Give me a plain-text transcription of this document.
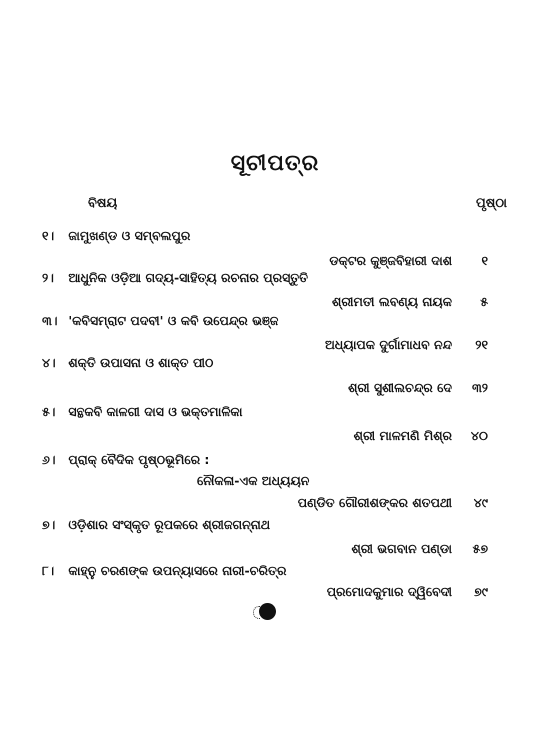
ସୂଚୀପତ୍ର
ବିଷୟ	ପୃଷ୍ଠା
୧। ଜାମୁଖଣ୍ଡ ଓ ସମ୍ବଲପୁର
ଡକ୍ଟର କୁଞ୍ଜବିହାରୀ ଦାଶ ୧
୨। ଆଧୁନିକ ଓଡ଼ିଆ ଗଦ୍ୟ-ସାହିତ୍ୟ ରଚନାର ପ୍ରସ୍ତୁତି
ଶ୍ରୀମତୀ ଲବଣ୍ୟ ନାୟକ ୫
୩। 'କବିସମ୍ରାଟ ପଦବୀ' ଓ କବି ଉପେନ୍ଦ୍ର ଭଞ୍ଜ
ଅଧ୍ୟାପକ ଦୁର୍ଗାମାଧବ ନନ୍ଦ ୨୧
୪। ଶକ୍ତି ଉପାସନା ଓ ଶାକ୍ତ ପୀଠ
ଶ୍ରୀ ସୁଶୀଲଚନ୍ଦ୍ର ଦେ ୩୨
୫। ସନ୍ଥକବି କାଳଗୀ ଦାସ ଓ ଭକ୍ତମାଳିକା
ଶ୍ରୀ ମାଳମଣି ମିଶ୍ର ୪୦
୬। ପ୍ରାକ୍ ବୈଦିକ ପୃଷ୍ଠଭୂମିରେ :
ନୌକଳା-ଏକ ଅଧ୍ୟୟନ
ପଣ୍ଡିତ ଗୌରୀଶଙ୍କର ଶତପଥୀ ୪୯
୭। ଓଡ଼ିଶାର ସଂସ୍କୃତ ରୂପକରେ ଶ୍ରୀଜଗନ୍ନାଥ
ଶ୍ରୀ ଭଗବାନ ପଣ୍ଡା ୫୭
୮। କାହ୍ନୁ ଚରଣଙ୍କ ଉପନ୍ୟାସରେ ନାରୀ-ଚରିତ୍ର
ପ୍ରମୋଦକୁମାର ଦ୍ୱିବେଦୀ ୭୯
